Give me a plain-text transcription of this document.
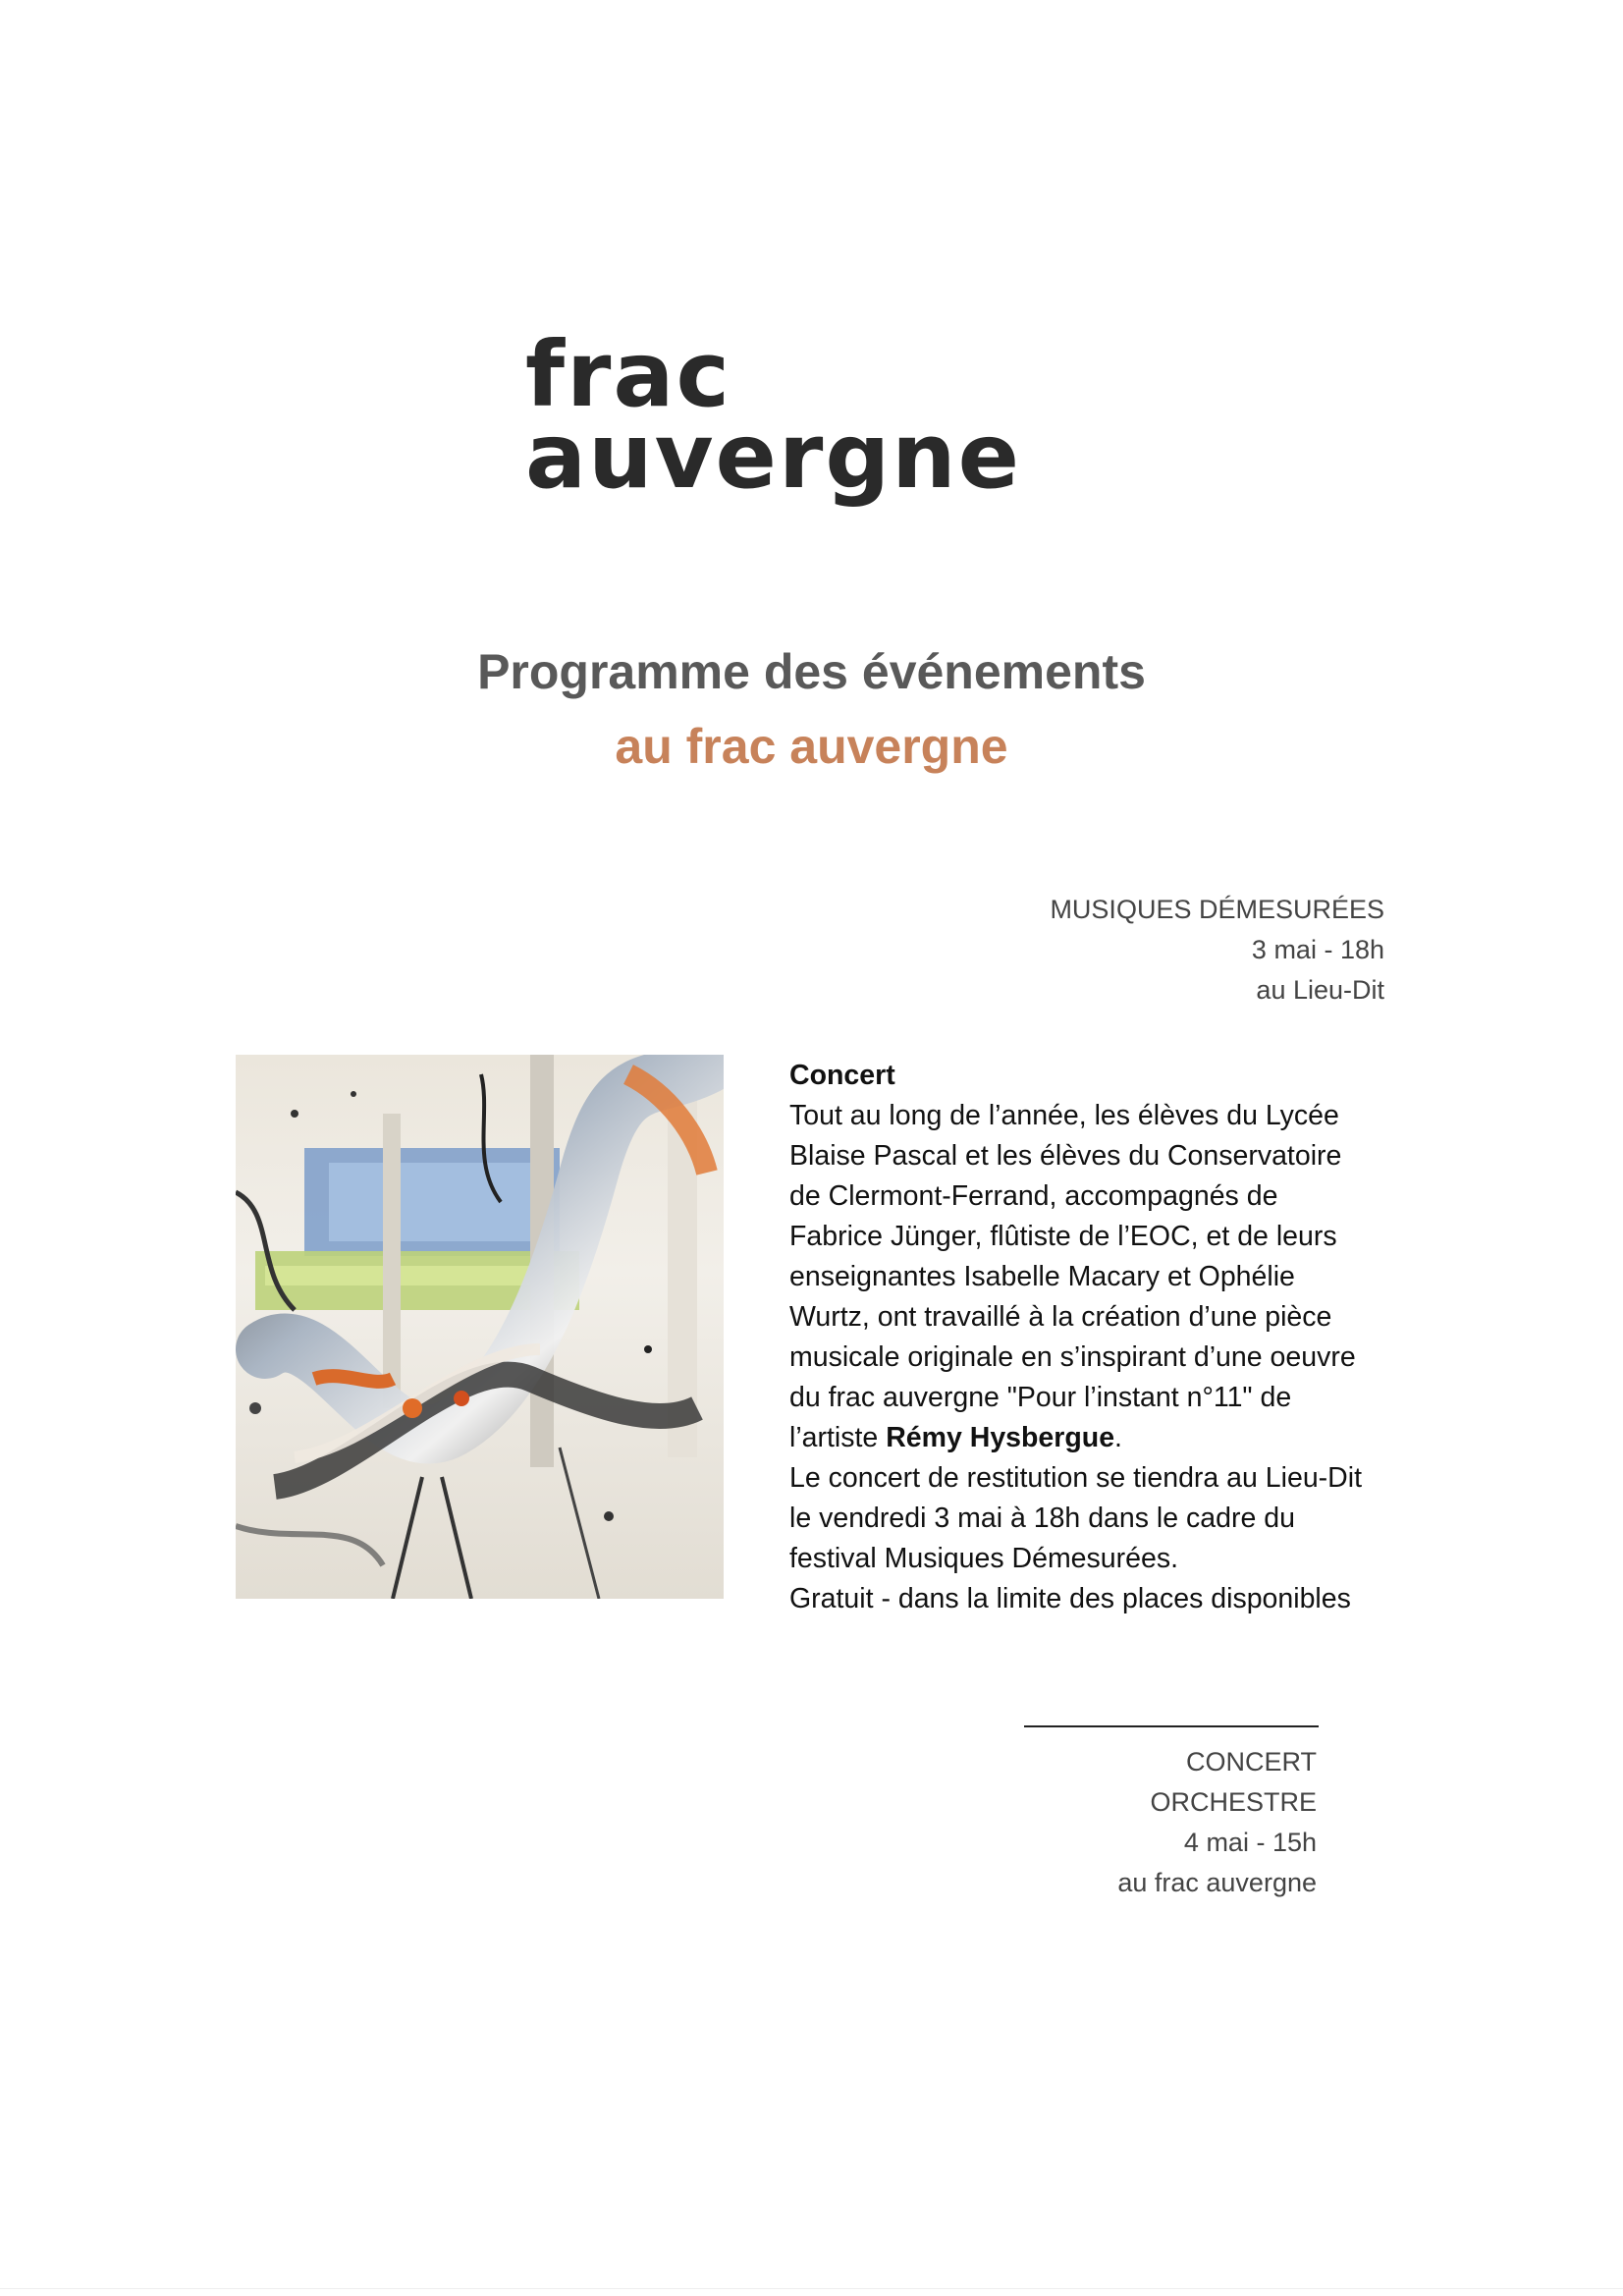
frac
auvergne
Programme des événements
au frac auvergne
MUSIQUES DÉMESURÉES
3 mai - 18h
au Lieu-Dit
Concert
Tout au long de l’année, les élèves du Lycée Blaise Pascal et les élèves du Conservatoire de Clermont-Ferrand, accompagnés de Fabrice Jünger, flûtiste de l’EOC, et de leurs enseignantes Isabelle Macary et Ophélie Wurtz, ont travaillé à la création d’une pièce musicale originale en s’inspirant d’une oeuvre du frac auvergne "Pour l’instant n°11" de l’artiste Rémy Hysbergue.
Le concert de restitution se tiendra au Lieu-Dit le vendredi 3 mai à 18h dans le cadre du festival Musiques Démesurées.
Gratuit - dans la limite des places disponibles
CONCERT
ORCHESTRE
4 mai - 15h
au frac auvergne
